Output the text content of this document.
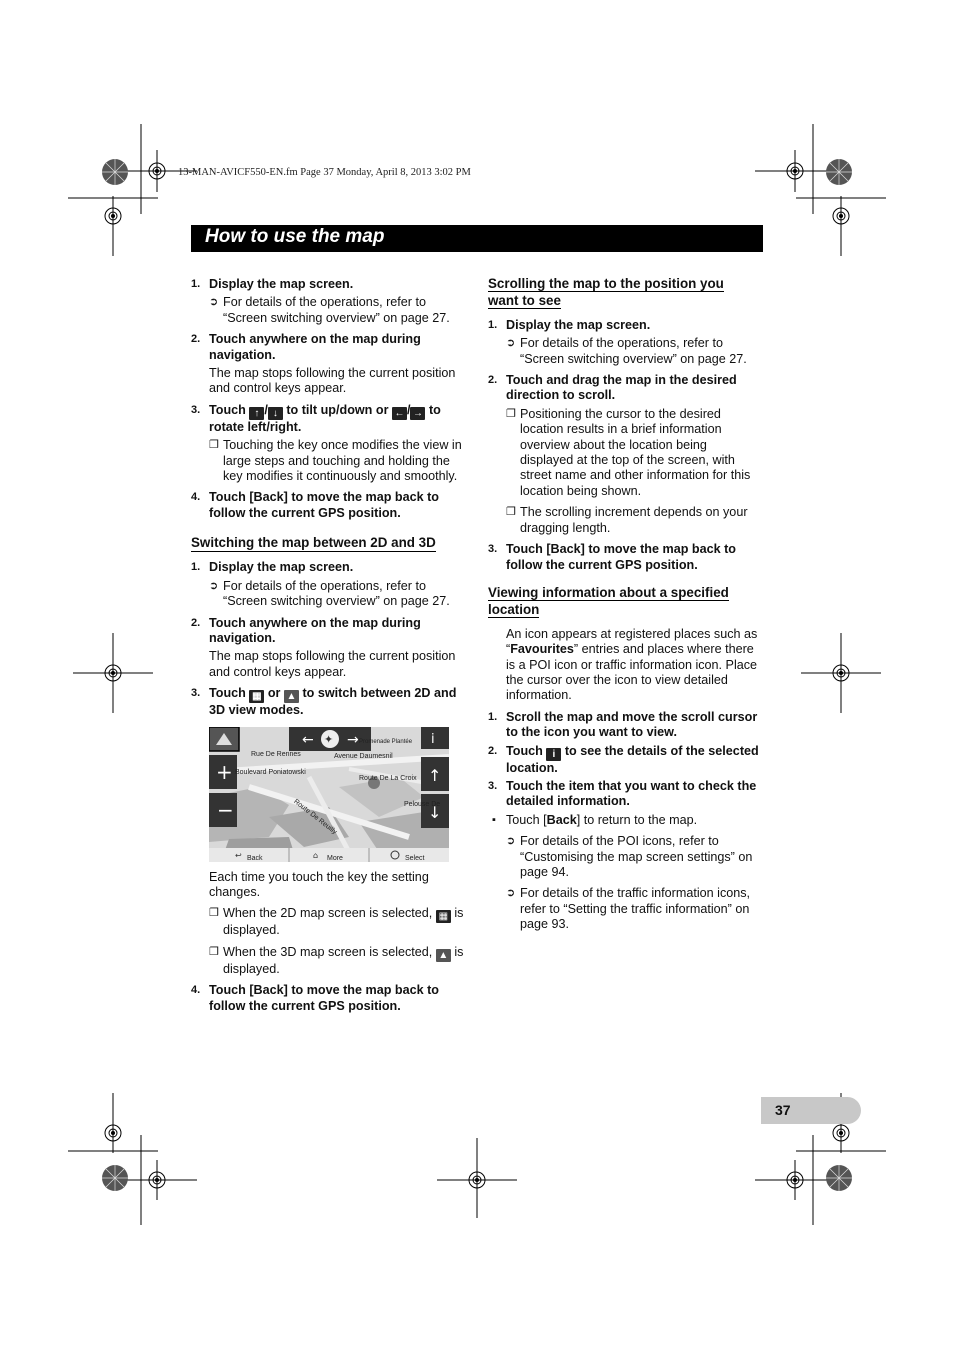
13-MAN-AVICF550-EN.fm Page 37 Monday, April 8, 2013 3:02 PM
How to use the map
1. Display the map screen.
➲ For details of the operations, refer to “Screen switching overview” on page 27.
2. Touch anywhere on the map during navigation.
The map stops following the current position and control keys appear.
3. Touch ↑ / ↓ to tilt up/down or ← / → to rotate left/right.
❐ Touching the key once modifies the view in large steps and touching and holding the key modifies it continuously and smoothly.
4. Touch [Back] to move the map back to follow the current GPS position.
Switching the map between 2D and 3D
1. Display the map screen.
➲ For details of the operations, refer to “Screen switching overview” on page 27.
2. Touch anywhere on the map during navigation.
The map stops following the current position and control keys appear.
3. Touch ▦ or ▲ to switch between 2D and 3D view modes.
← ✦ →	i
+
−
↑
↓
↩	⌂
Rue De Rennes	Avenue Daumesnil
Boulevard Poniatowski
Route De La Croix
Route De Reuilly
Promenade Plantée
Pelouse De
Back	More	Select
Each time you touch the key the setting changes.
❐ When the 2D map screen is selected, ▦ is displayed.
❐ When the 3D map screen is selected, ▲ is displayed.
4. Touch [Back] to move the map back to follow the current GPS position.
Scrolling the map to the position you
want to see
1. Display the map screen.
➲ For details of the operations, refer to “Screen switching overview” on page 27.
2. Touch and drag the map in the desired direction to scroll.
❐ Positioning the cursor to the desired location results in a brief information overview about the location being displayed at the top of the screen, with street name and other information for this location being shown.
❐ The scrolling increment depends on your dragging length.
3. Touch [Back] to move the map back to follow the current GPS position.
Viewing information about a specified
location
An icon appears at registered places such as “Favourites” entries and places where there is a POI icon or traffic information icon. Place the cursor over the icon to view detailed information.
1. Scroll the map and move the scroll cursor to the icon you want to view.
2. Touch i to see the details of the selected location.
3. Touch the item that you want to check the detailed information.
▪ Touch [Back] to return to the map.
➲ For details of the POI icons, refer to “Customising the map screen settings” on page 94.
➲ For details of the traffic information icons, refer to “Setting the traffic information” on page 93.
37
